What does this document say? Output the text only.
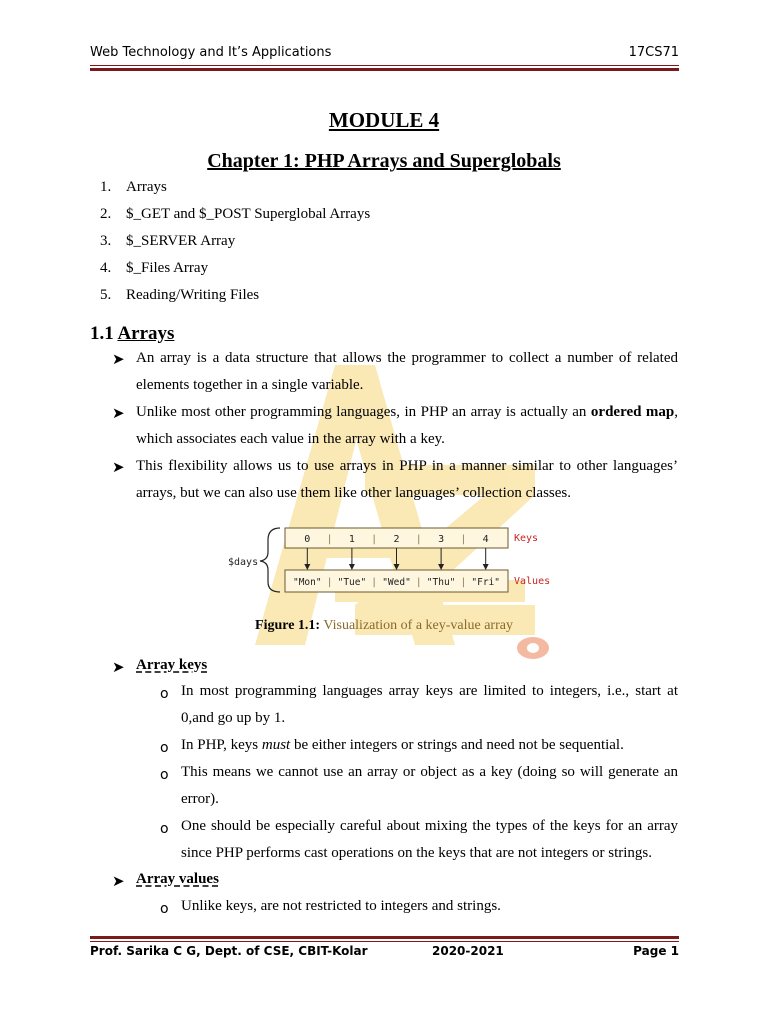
Web Technology and It’s Applications	17CS71
MODULE 4
Chapter 1: PHP Arrays and Superglobals
1. Arrays
2. $_GET and $_POST Superglobal Arrays
3. $_SERVER Array
4. $_Files Array
5. Reading/Writing Files
1.1 Arrays
➤ An array is a data structure that allows the programmer to collect a number of related
elements together in a single variable.
➤ Unlike most other programming languages, in PHP an array is actually an ordered map,
which associates each value in the array with a key.
➤ This flexibility allows us to use arrays in PHP in a manner similar to other languages’
arrays, but we can also use them like other languages’ collection classes.
$days
0
"Mon"
|
|
1
"Tue"
|
|
2
"Wed"
|
|
3
"Thu"
|
|
4
"Fri"
Keys
Values
Figure 1.1: Visualization of a key-value array
➤ Array keys
o In most programming languages array keys are limited to integers, i.e., start at
0,and go up by 1.
o In PHP, keys must be either integers or strings and need not be sequential.
o This means we cannot use an array or object as a key (doing so will generate an
error).
o One should be especially careful about mixing the types of the keys for an array
since PHP performs cast operations on the keys that are not integers or strings.
➤ Array values
o Unlike keys, are not restricted to integers and strings.
Prof. Sarika C G, Dept. of CSE, CBIT-Kolar	2020-2021	Page 1
